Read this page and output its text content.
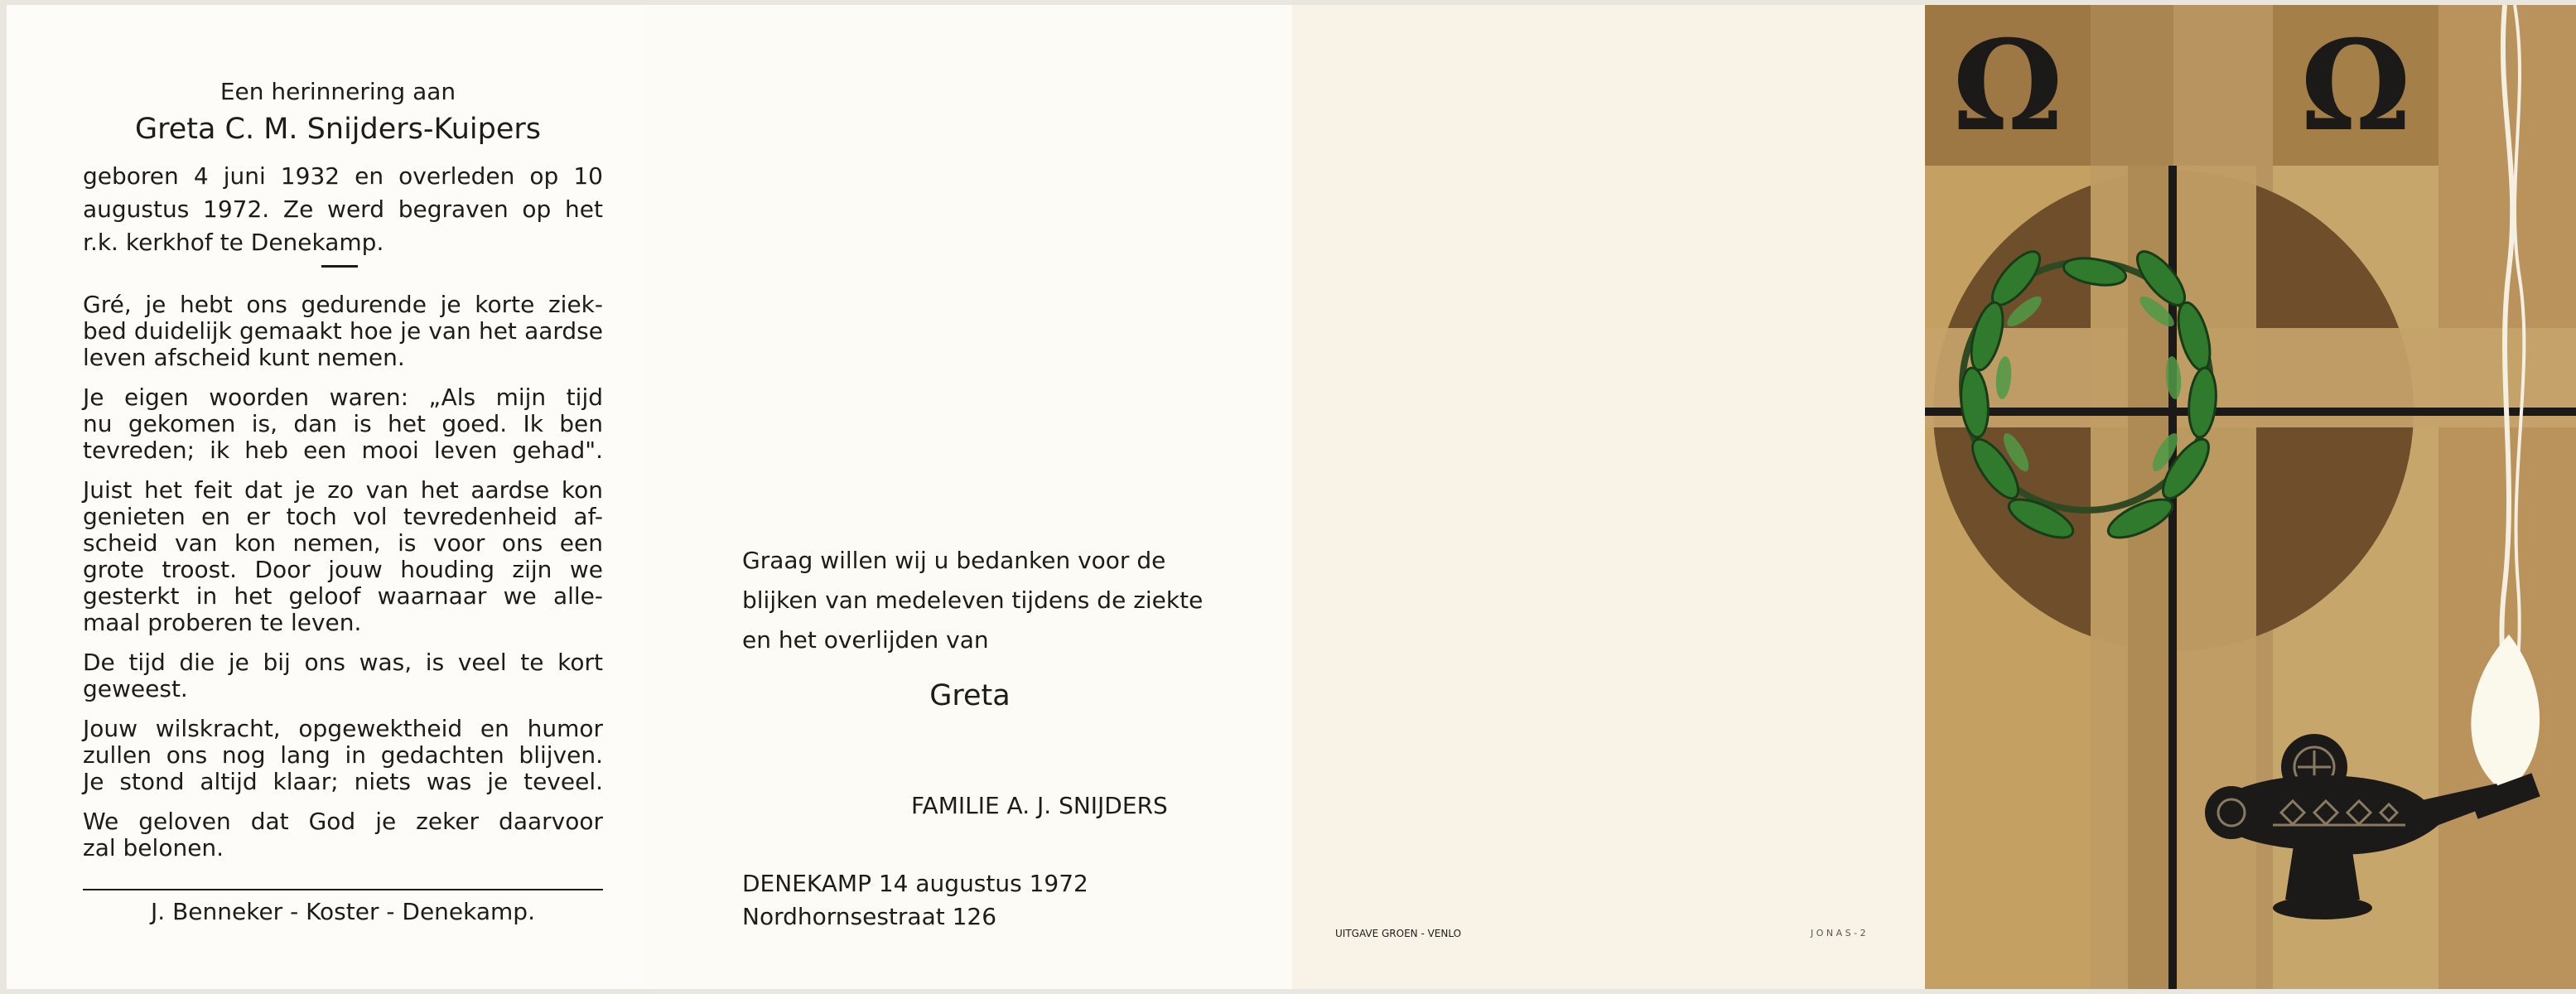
Een herinnering aan
Greta C. M. Snijders-Kuipers
geboren 4 juni 1932 en overleden op 10
augustus 1972. Ze werd begraven op het
r.k. kerkhof te Denekamp.
Gré, je hebt ons gedurende je korte ziek-
bed duidelijk gemaakt hoe je van het aardse
leven afscheid kunt nemen.
Je eigen woorden waren: „Als mijn tijd
nu gekomen is, dan is het goed. Ik ben
tevreden; ik heb een mooi leven gehad".
Juist het feit dat je zo van het aardse kon
genieten en er toch vol tevredenheid af-
scheid van kon nemen, is voor ons een
grote troost. Door jouw houding zijn we
gesterkt in het geloof waarnaar we alle-
maal proberen te leven.
De tijd die je bij ons was, is veel te kort
geweest.
Jouw wilskracht, opgewektheid en humor
zullen ons nog lang in gedachten blijven.
Je stond altijd klaar; niets was je teveel.
We geloven dat God je zeker daarvoor
zal belonen.
J. Benneker - Koster - Denekamp.
Graag willen wij u bedanken voor de
blijken van medeleven tijdens de ziekte
en het overlijden van
Greta
FAMILIE A. J. SNIJDERS
DENEKAMP 14 augustus 1972
Nordhornsestraat 126
UITGAVE GROEN - VENLO	J O N A S - 2
Ω Ω
